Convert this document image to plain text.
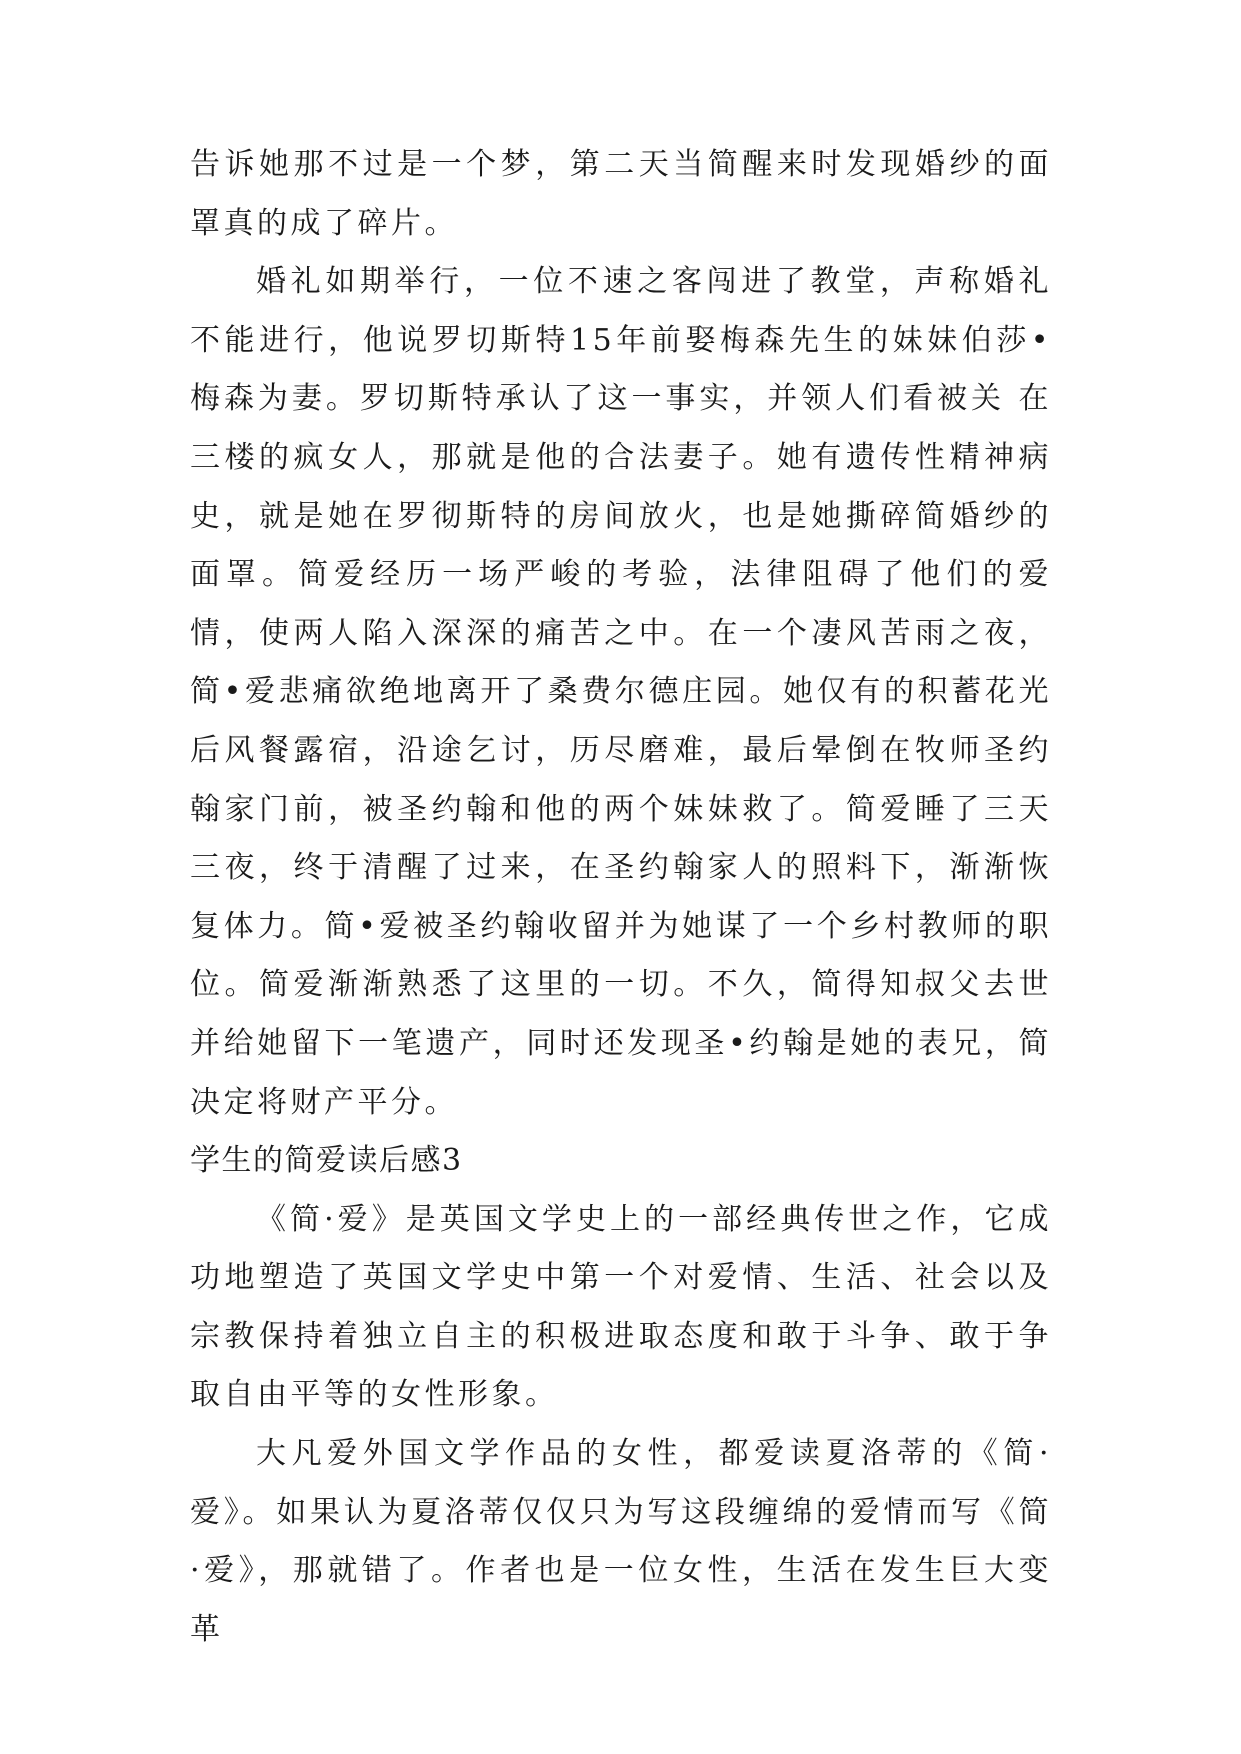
告诉她那不过是一个梦，第二天当简醒来时发现婚纱的面罩真的成了碎片。

婚礼如期举行，一位不速之客闯进了教堂，声称婚礼不能进行，他说罗切斯特15年前娶梅森先生的妹妹伯莎•梅森为妻。罗切斯特承认了这一事实，并领人们看被关 在三楼的疯女人，那就是他的合法妻子。她有遗传性精神病史，就是她在罗彻斯特的房间放火，也是她撕碎简婚纱的面罩。简爱经历一场严峻的考验，法律阻碍了他们的爱情，使两人陷入深深的痛苦之中。在一个凄风苦雨之夜，简•爱悲痛欲绝地离开了桑费尔德庄园。她仅有的积蓄花光后风餐露宿，沿途乞讨，历尽磨难，最后晕倒在牧师圣约翰家门前，被圣约翰和他的两个妹妹救了。简爱睡了三天三夜，终于清醒了过来，在圣约翰家人的照料下，渐渐恢复体力。简•爱被圣约翰收留并为她谋了一个乡村教师的职位。简爱渐渐熟悉了这里的一切。不久，简得知叔父去世并给她留下一笔遗产，同时还发现圣•约翰是她的表兄，简决定将财产平分。

学生的简爱读后感3

《简·爱》是英国文学史上的一部经典传世之作，它成功地塑造了英国文学史中第一个对爱情、生活、社会以及宗教保持着独立自主的积极进取态度和敢于斗争、敢于争取自由平等的女性形象。

大凡爱外国文学作品的女性，都爱读夏洛蒂的《简·爱》。如果认为夏洛蒂仅仅只为写这段缠绵的爱情而写《简·爱》，那就错了。作者也是一位女性，生活在发生巨大变革
